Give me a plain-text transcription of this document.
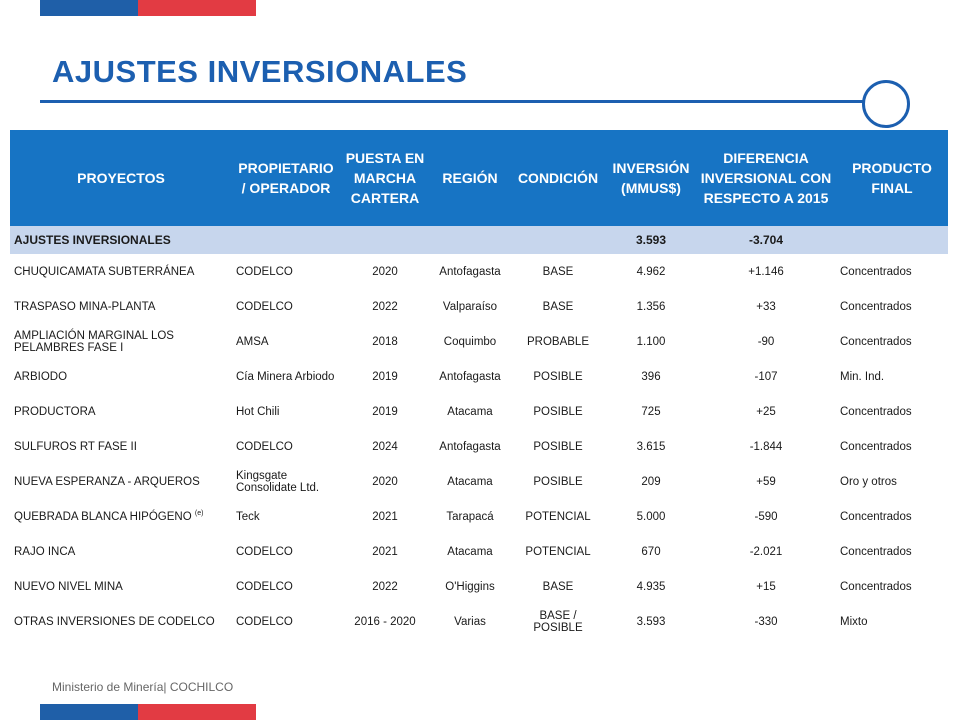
AJUSTES INVERSIONALES
PROYECTOS	PROPIETARIO / OPERADOR	PUESTA EN MARCHA CARTERA	REGIÓN	CONDICIÓN	INVERSIÓN (MMUS$)	DIFERENCIA INVERSIONAL CON RESPECTO A 2015	PRODUCTO FINAL
AJUSTES INVERSIONALES					3.593	-3.704	
CHUQUICAMATA SUBTERRÁNEA	CODELCO	2020	Antofagasta	BASE	4.962	+1.146	Concentrados
TRASPASO MINA-PLANTA	CODELCO	2022	Valparaíso	BASE	1.356	+33	Concentrados
AMPLIACIÓN MARGINAL LOS PELAMBRES FASE I	AMSA	2018	Coquimbo	PROBABLE	1.100	-90	Concentrados
ARBIODO	Cía Minera Arbiodo	2019	Antofagasta	POSIBLE	396	-107	Min. Ind.
PRODUCTORA	Hot Chili	2019	Atacama	POSIBLE	725	+25	Concentrados
SULFUROS RT FASE II	CODELCO	2024	Antofagasta	POSIBLE	3.615	-1.844	Concentrados
NUEVA ESPERANZA - ARQUEROS	Kingsgate Consolidate Ltd.	2020	Atacama	POSIBLE	209	+59	Oro y otros
QUEBRADA BLANCA HIPÓGENO $^{(e)}$	Teck	2021	Tarapacá	POTENCIAL	5.000	-590	Concentrados
RAJO INCA	CODELCO	2021	Atacama	POTENCIAL	670	-2.021	Concentrados
NUEVO NIVEL MINA	CODELCO	2022	O'Higgins	BASE	4.935	+15	Concentrados
OTRAS INVERSIONES DE CODELCO	CODELCO	2016 - 2020	Varias	BASE / POSIBLE	3.593	-330	Mixto
Ministerio de Minería| COCHILCO
